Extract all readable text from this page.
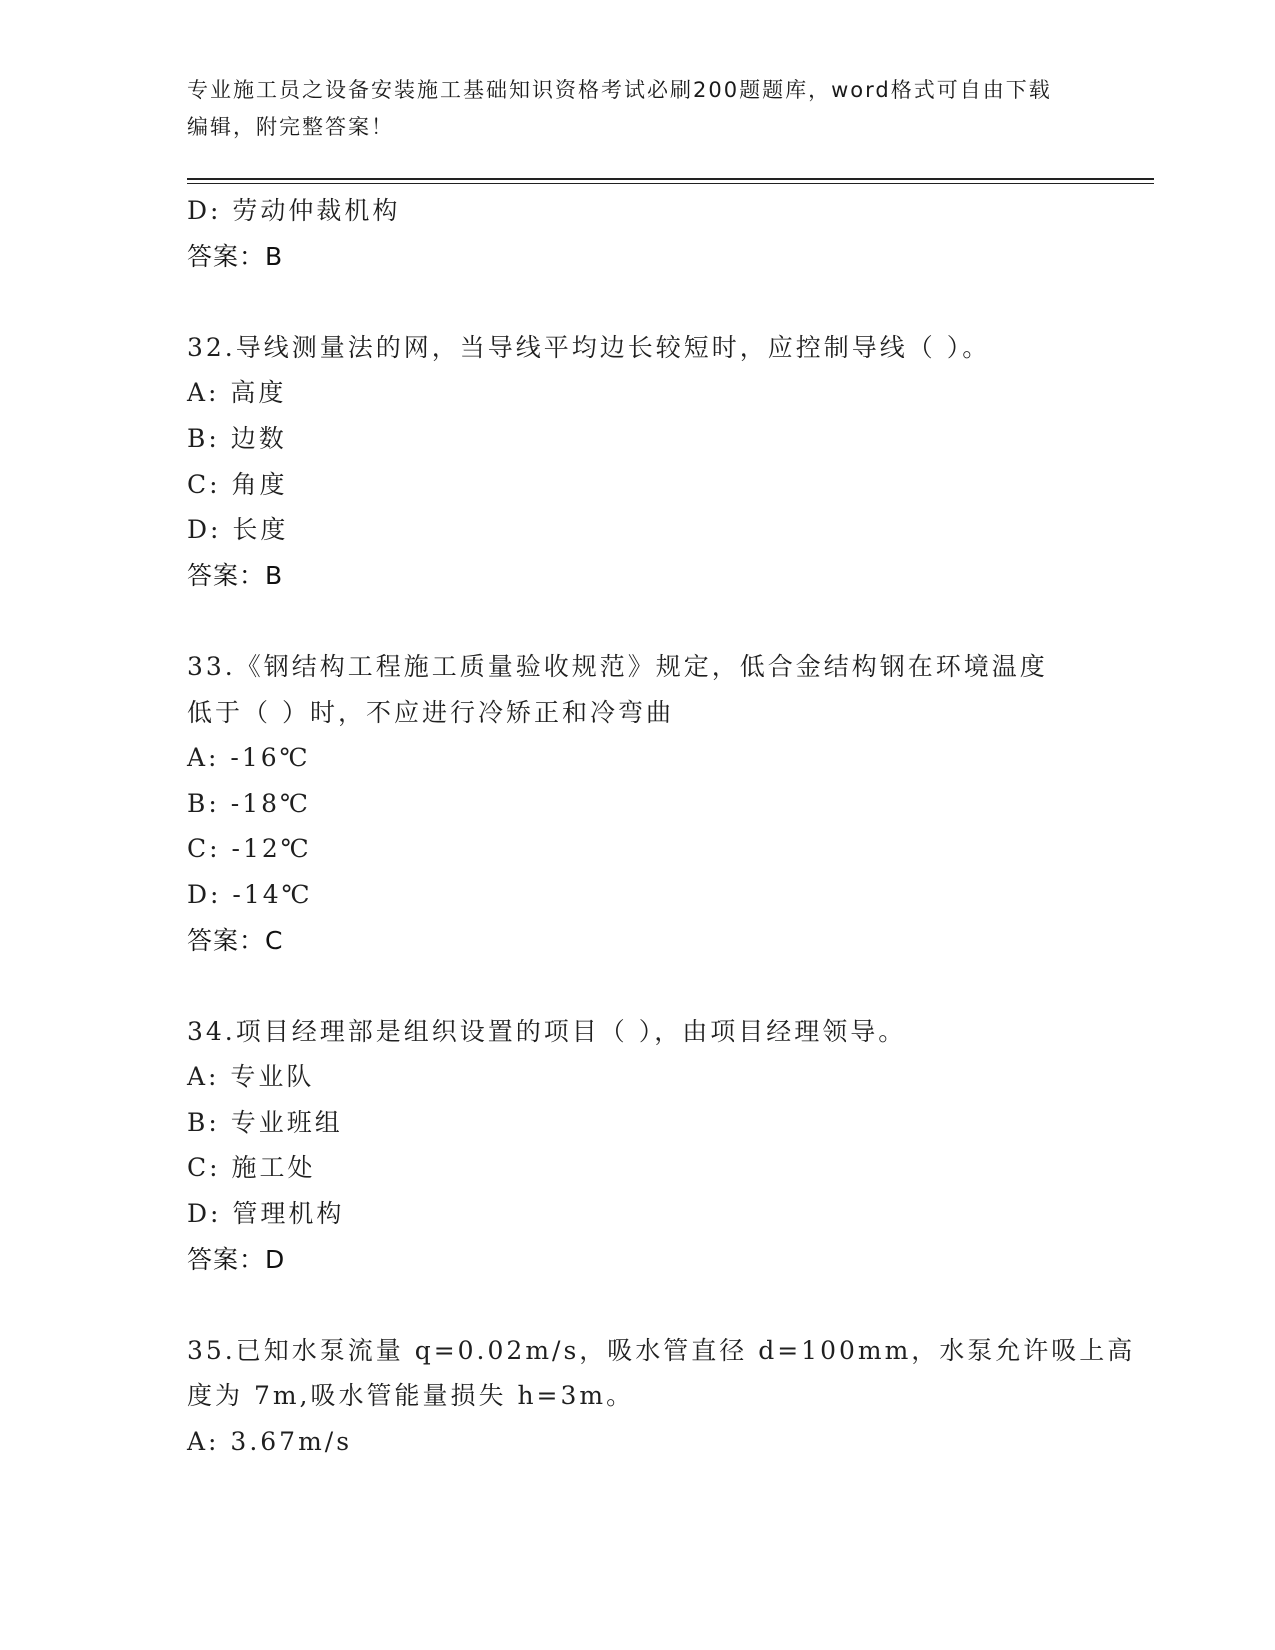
专业施工员之设备安装施工基础知识资格考试必刷200题题库，word格式可自由下载编辑，附完整答案！
D: 劳动仲裁机构
答案：B
32.导线测量法的网，当导线平均边长较短时，应控制导线（ ）。
A: 高度
B: 边数
C: 角度
D: 长度
答案：B
33.《钢结构工程施工质量验收规范》规定，低合金结构钢在环境温度
低于（ ）时，不应进行冷矫正和冷弯曲
A: -16℃
B: -18℃
C: -12℃
D: -14℃
答案：C
34.项目经理部是组织设置的项目（ ），由项目经理领导。
A: 专业队
B: 专业班组
C: 施工处
D: 管理机构
答案：D
35.已知水泵流量 q=0.02m/s，吸水管直径 d=100mm，水泵允许吸上高
度为 7m,吸水管能量损失 h=3m。
A: 3.67m/s
